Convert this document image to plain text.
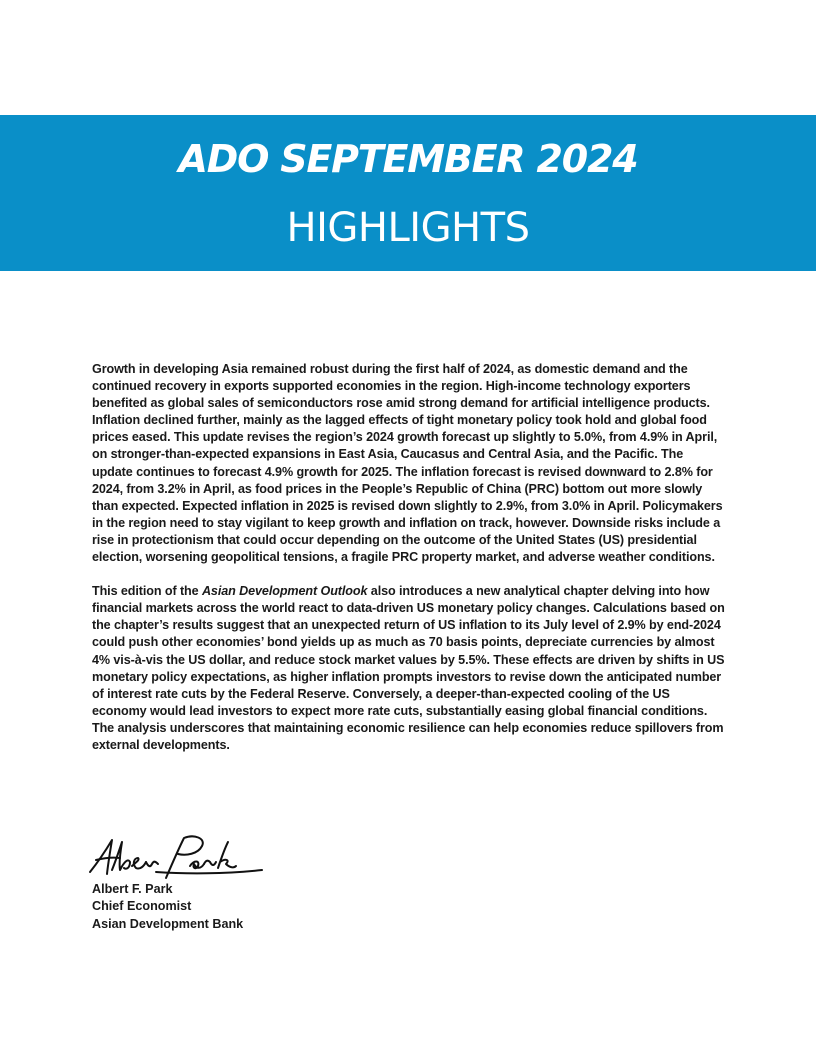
ADO SEPTEMBER 2024
HIGHLIGHTS

Growth in developing Asia remained robust during the first half of 2024, as domestic demand and the continued recovery in exports supported economies in the region. High-income technology exporters benefited as global sales of semiconductors rose amid strong demand for artificial intelligence products. Inflation declined further, mainly as the lagged effects of tight monetary policy took hold and global food prices eased. This update revises the region’s 2024 growth forecast up slightly to 5.0%, from 4.9% in April, on stronger-than-expected expansions in East Asia, Caucasus and Central Asia, and the Pacific. The update continues to forecast 4.9% growth for 2025. The inflation forecast is revised downward to 2.8% for 2024, from 3.2% in April, as food prices in the People’s Republic of China (PRC) bottom out more slowly than expected. Expected inflation in 2025 is revised down slightly to 2.9%, from 3.0% in April. Policymakers in the region need to stay vigilant to keep growth and inflation on track, however. Downside risks include a rise in protectionism that could occur depending on the outcome of the United States (US) presidential election, worsening geopolitical tensions, a fragile PRC property market, and adverse weather conditions.

This edition of the Asian Development Outlook also introduces a new analytical chapter delving into how financial markets across the world react to data-driven US monetary policy changes. Calculations based on the chapter’s results suggest that an unexpected return of US inflation to its July level of 2.9% by end-2024 could push other economies’ bond yields up as much as 70 basis points, depreciate currencies by almost 4% vis-à-vis the US dollar, and reduce stock market values by 5.5%. These effects are driven by shifts in US monetary policy expectations, as higher inflation prompts investors to revise down the anticipated number of interest rate cuts by the Federal Reserve. Conversely, a deeper-than-expected cooling of the US economy would lead investors to expect more rate cuts, substantially easing global financial conditions. The analysis underscores that maintaining economic resilience can help economies reduce spillovers from external developments.

Albert F. Park
Chief Economist
Asian Development Bank
